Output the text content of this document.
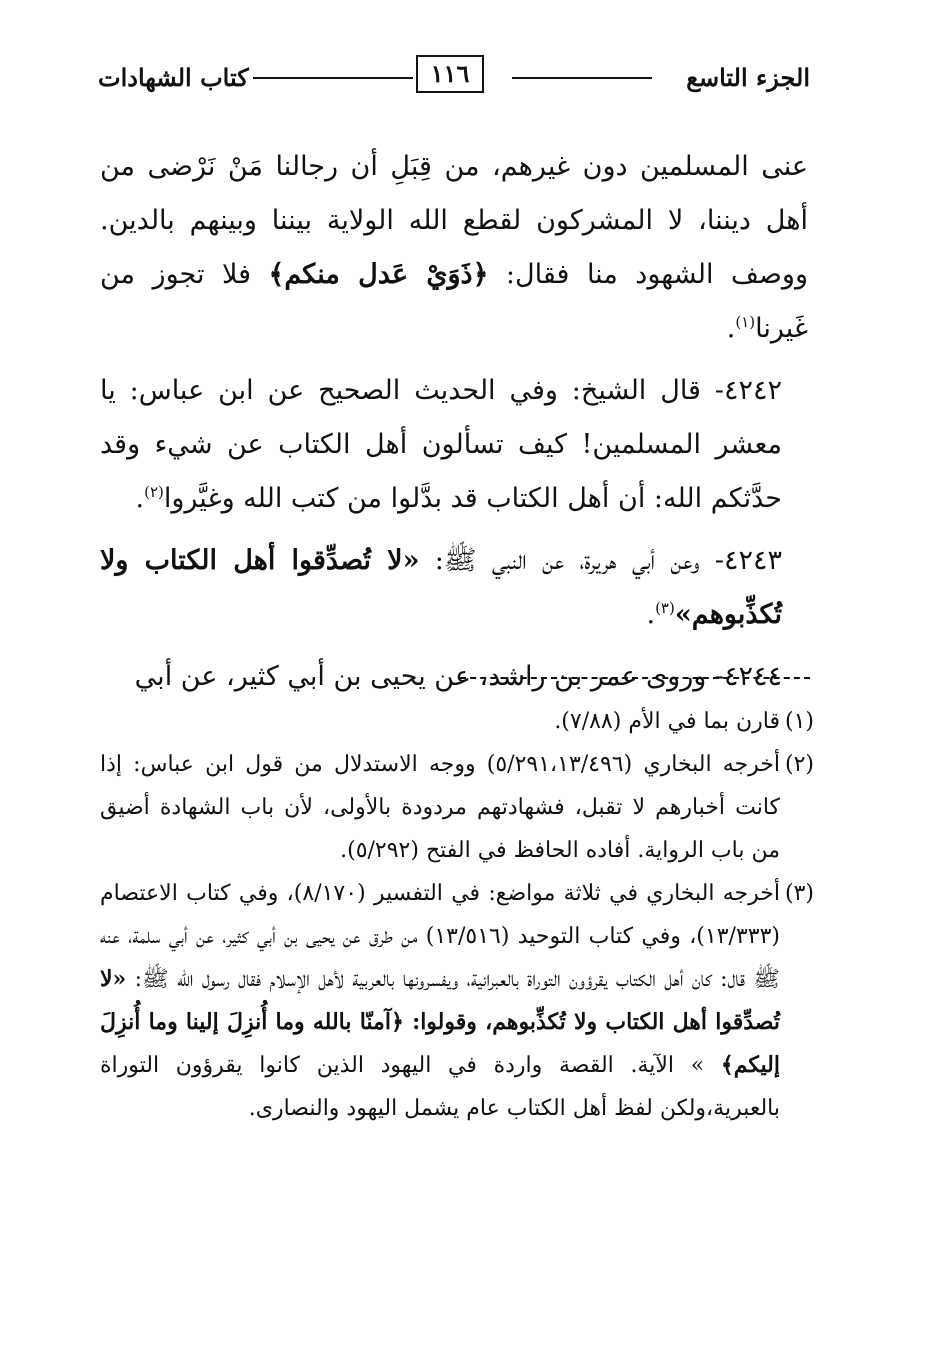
الجزء التاسع
١١٦
كتاب الشهادات

عنى المسلمين دون غيرهم، من قِبَلِ أن رجالنا مَنْ نَرْضى من أهل ديننا، لا المشركون لقطع الله الولاية بيننا وبينهم بالدين. ووصف الشهود منا فقال: ﴿ذَوَيْ عَدل منكم﴾ فلا تجوز من غَيرنا$^{(١)}$.

٤٢٤٢- قال الشيخ: وفي الحديث الصحيح عن ابن عباس: يا معشر المسلمين! كيف تسألون أهل الكتاب عن شيء وقد حدَّثكم الله: أن أهل الكتاب قد بدَّلوا من كتب الله وغيَّروا$^{(٢)}$.

٤٢٤٣- وعن أبي هريرة، عن النبي ﷺ: «لا تُصدِّقوا أهل الكتاب ولا تُكذِّبوهم»$^{(٣)}$.

٤٢٤٤- وروى عمر بن راشد، عن يحيى بن أبي كثير، عن أبي

(١)
قارن بما في الأم (٧/٨٨).
(٢)
أخرجه البخاري (٥/٢٩١،١٣/٤٩٦) ووجه الاستدلال من قول ابن عباس: إذا كانت أخبارهم لا تقبل، فشهادتهم مردودة بالأولى، لأن باب الشهادة أضيق من باب الرواية. أفاده الحافظ في الفتح (٥/٢٩٢).
(٣)
أخرجه البخاري في ثلاثة مواضع: في التفسير (٨/١٧٠)، وفي كتاب الاعتصام (١٣/٣٣٣)، وفي كتاب التوحيد (١٣/٥١٦) من طرق عن يحيى بن أبي كثير، عن أبي سلمة، عنه ﷺ قال: كان أهل الكتاب يقرؤون التوراة بالعبرانية، ويفسرونها بالعربية لأهل الإسلام فقال رسول الله ﷺ: «لا تُصدِّقوا أهل الكتاب ولا تُكذِّبوهم، وقولوا: ﴿آمنّا بالله وما أُنزِلَ إلينا وما أُنزِلَ إليكم﴾ » الآية. القصة واردة في اليهود الذين كانوا يقرؤون التوراة بالعبرية،ولكن لفظ أهل الكتاب عام يشمل اليهود والنصارى.
